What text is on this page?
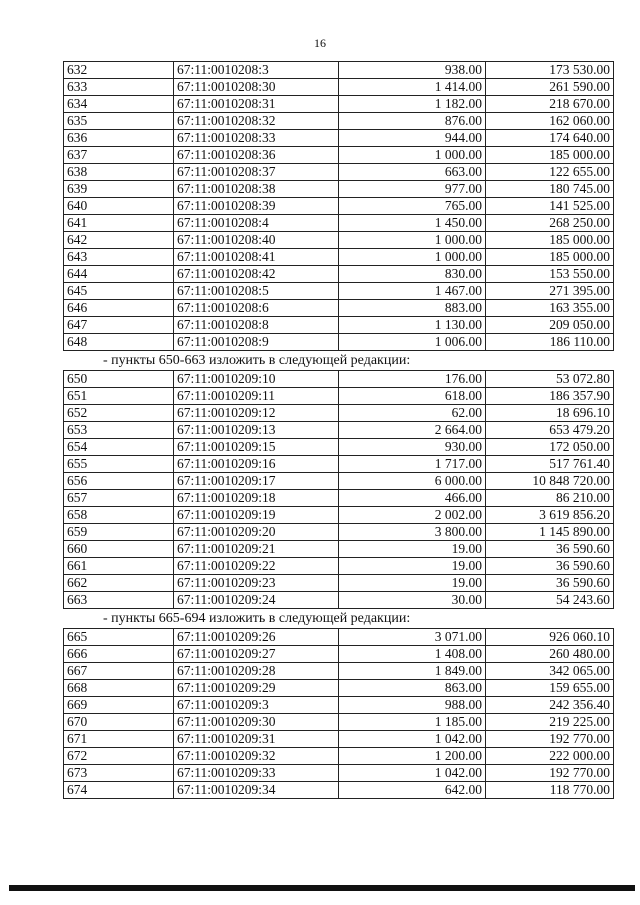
16
632	67:11:0010208:3	938.00	173 530.00
633	67:11:0010208:30	1 414.00	261 590.00
634	67:11:0010208:31	1 182.00	218 670.00
635	67:11:0010208:32	876.00	162 060.00
636	67:11:0010208:33	944.00	174 640.00
637	67:11:0010208:36	1 000.00	185 000.00
638	67:11:0010208:37	663.00	122 655.00
639	67:11:0010208:38	977.00	180 745.00
640	67:11:0010208:39	765.00	141 525.00
641	67:11:0010208:4	1 450.00	268 250.00
642	67:11:0010208:40	1 000.00	185 000.00
643	67:11:0010208:41	1 000.00	185 000.00
644	67:11:0010208:42	830.00	153 550.00
645	67:11:0010208:5	1 467.00	271 395.00
646	67:11:0010208:6	883.00	163 355.00
647	67:11:0010208:8	1 130.00	209 050.00
648	67:11:0010208:9	1 006.00	186 110.00
- пункты 650-663 изложить в следующей редакции:
650	67:11:0010209:10	176.00	53 072.80
651	67:11:0010209:11	618.00	186 357.90
652	67:11:0010209:12	62.00	18 696.10
653	67:11:0010209:13	2 664.00	653 479.20
654	67:11:0010209:15	930.00	172 050.00
655	67:11:0010209:16	1 717.00	517 761.40
656	67:11:0010209:17	6 000.00	10 848 720.00
657	67:11:0010209:18	466.00	86 210.00
658	67:11:0010209:19	2 002.00	3 619 856.20
659	67:11:0010209:20	3 800.00	1 145 890.00
660	67:11:0010209:21	19.00	36 590.60
661	67:11:0010209:22	19.00	36 590.60
662	67:11:0010209:23	19.00	36 590.60
663	67:11:0010209:24	30.00	54 243.60
- пункты 665-694 изложить в следующей редакции:
665	67:11:0010209:26	3 071.00	926 060.10
666	67:11:0010209:27	1 408.00	260 480.00
667	67:11:0010209:28	1 849.00	342 065.00
668	67:11:0010209:29	863.00	159 655.00
669	67:11:0010209:3	988.00	242 356.40
670	67:11:0010209:30	1 185.00	219 225.00
671	67:11:0010209:31	1 042.00	192 770.00
672	67:11:0010209:32	1 200.00	222 000.00
673	67:11:0010209:33	1 042.00	192 770.00
674	67:11:0010209:34	642.00	118 770.00
